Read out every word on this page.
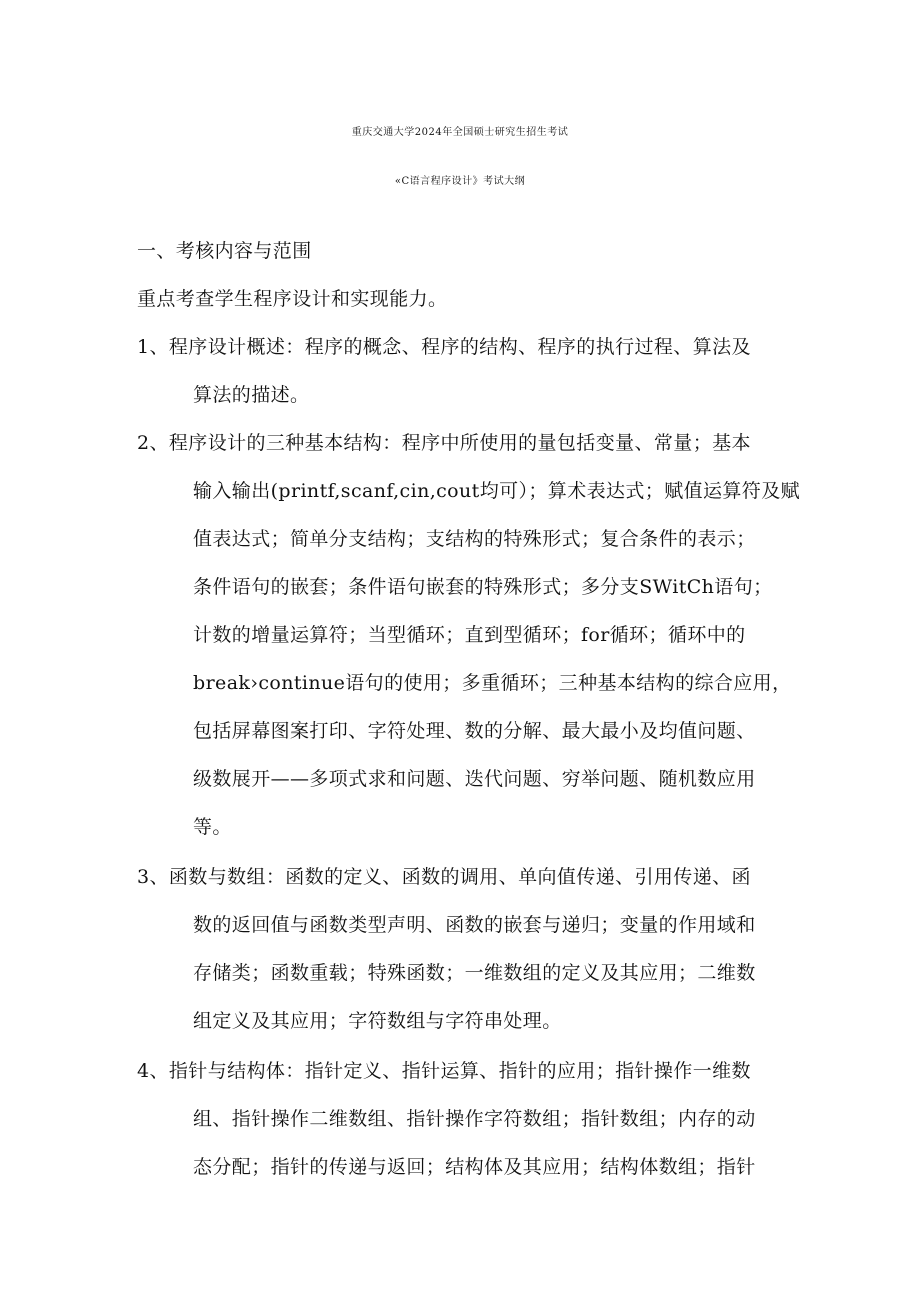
重庆交通大学2024年全国硕士研究生招生考试
«C语言程序设计》考试大纲
一、考核内容与范围
重点考查学生程序设计和实现能力。
1、程序设计概述：程序的概念、程序的结构、程序的执行过程、算法及
算法的描述。
2、程序设计的三种基本结构：程序中所使用的量包括变量、常量；基本
输入输出(printf,scanf,cin,cout均可）；算术表达式；赋值运算符及赋
值表达式；简单分支结构；支结构的特殊形式；复合条件的表示；
条件语句的嵌套；条件语句嵌套的特殊形式；多分支SWitCh语句；
计数的增量运算符；当型循环；直到型循环；for循环；循环中的
break›continue语句的使用；多重循环；三种基本结构的综合应用，
包括屏幕图案打印、字符处理、数的分解、最大最小及均值问题、
级数展开——多项式求和问题、迭代问题、穷举问题、随机数应用
等。
3、函数与数组：函数的定义、函数的调用、单向值传递、引用传递、函
数的返回值与函数类型声明、函数的嵌套与递归；变量的作用域和
存储类；函数重载；特殊函数；一维数组的定义及其应用；二维数
组定义及其应用；字符数组与字符串处理。
4、指针与结构体：指针定义、指针运算、指针的应用；指针操作一维数
组、指针操作二维数组、指针操作字符数组；指针数组；内存的动
态分配；指针的传递与返回；结构体及其应用；结构体数组；指针
